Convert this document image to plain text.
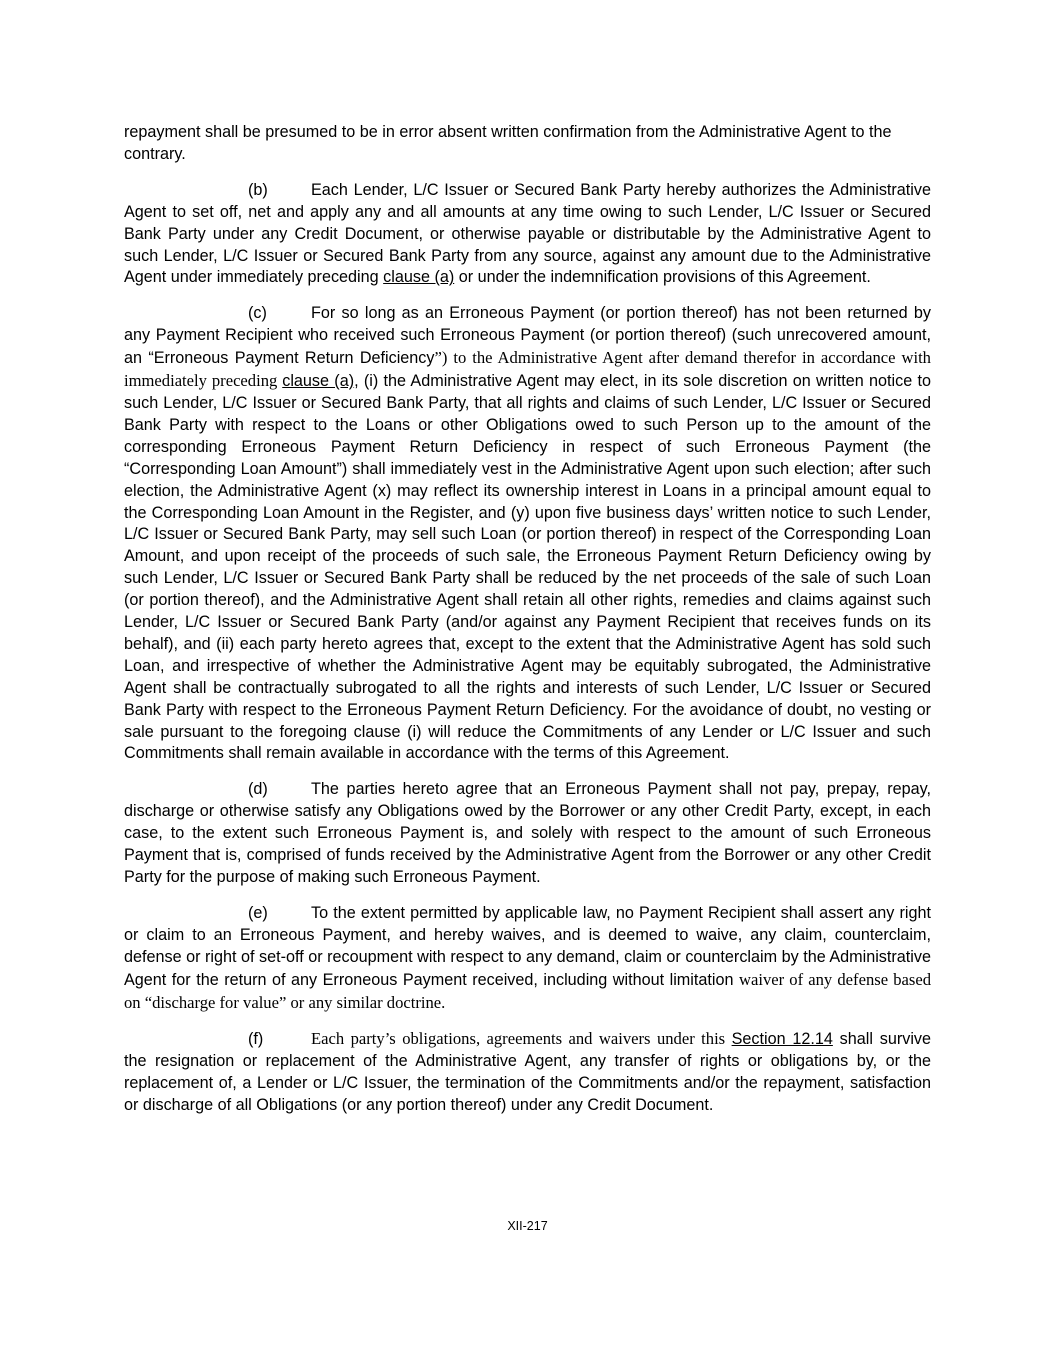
repayment shall be presumed to be in error absent written confirmation from the Administrative Agent to the contrary.

(b)	Each Lender, L/C Issuer or Secured Bank Party hereby authorizes the Administrative Agent to set off, net and apply any and all amounts at any time owing to such Lender, L/C Issuer or Secured Bank Party under any Credit Document, or otherwise payable or distributable by the Administrative Agent to such Lender, L/C Issuer or Secured Bank Party from any source, against any amount due to the Administrative Agent under immediately preceding clause (a) or under the indemnification provisions of this Agreement.

(c)	For so long as an Erroneous Payment (or portion thereof) has not been returned by any Payment Recipient who received such Erroneous Payment (or portion thereof) (such unrecovered amount, an “Erroneous Payment Return Deficiency”) to the Administrative Agent after demand therefor in accordance with immediately preceding clause (a), (i) the Administrative Agent may elect, in its sole discretion on written notice to such Lender, L/C Issuer or Secured Bank Party, that all rights and claims of such Lender, L/C Issuer or Secured Bank Party with respect to the Loans or other Obligations owed to such Person up to the amount of the corresponding Erroneous Payment Return Deficiency in respect of such Erroneous Payment (the “Corresponding Loan Amount”) shall immediately vest in the Administrative Agent upon such election; after such election, the Administrative Agent (x) may reflect its ownership interest in Loans in a principal amount equal to the Corresponding Loan Amount in the Register, and (y) upon five business days’ written notice to such Lender, L/C Issuer or Secured Bank Party, may sell such Loan (or portion thereof) in respect of the Corresponding Loan Amount, and upon receipt of the proceeds of such sale, the Erroneous Payment Return Deficiency owing by such Lender, L/C Issuer or Secured Bank Party shall be reduced by the net proceeds of the sale of such Loan (or portion thereof), and the Administrative Agent shall retain all other rights, remedies and claims against such Lender, L/C Issuer or Secured Bank Party (and/or against any Payment Recipient that receives funds on its behalf), and (ii) each party hereto agrees that, except to the extent that the Administrative Agent has sold such Loan, and irrespective of whether the Administrative Agent may be equitably subrogated, the Administrative Agent shall be contractually subrogated to all the rights and interests of such Lender, L/C Issuer or Secured Bank Party with respect to the Erroneous Payment Return Deficiency. For the avoidance of doubt, no vesting or sale pursuant to the foregoing clause (i) will reduce the Commitments of any Lender or L/C Issuer and such Commitments shall remain available in accordance with the terms of this Agreement.

(d)	The parties hereto agree that an Erroneous Payment shall not pay, prepay, repay, discharge or otherwise satisfy any Obligations owed by the Borrower or any other Credit Party, except, in each case, to the extent such Erroneous Payment is, and solely with respect to the amount of such Erroneous Payment that is, comprised of funds received by the Administrative Agent from the Borrower or any other Credit Party for the purpose of making such Erroneous Payment.

(e)	To the extent permitted by applicable law, no Payment Recipient shall assert any right or claim to an Erroneous Payment, and hereby waives, and is deemed to waive, any claim, counterclaim, defense or right of set-off or recoupment with respect to any demand, claim or counterclaim by the Administrative Agent for the return of any Erroneous Payment received, including without limitation waiver of any defense based on “discharge for value” or any similar doctrine.

(f)	Each party’s obligations, agreements and waivers under this Section 12.14 shall survive the resignation or replacement of the Administrative Agent, any transfer of rights or obligations by, or the replacement of, a Lender or L/C Issuer, the termination of the Commitments and/or the repayment, satisfaction or discharge of all Obligations (or any portion thereof) under any Credit Document.

XII-217
